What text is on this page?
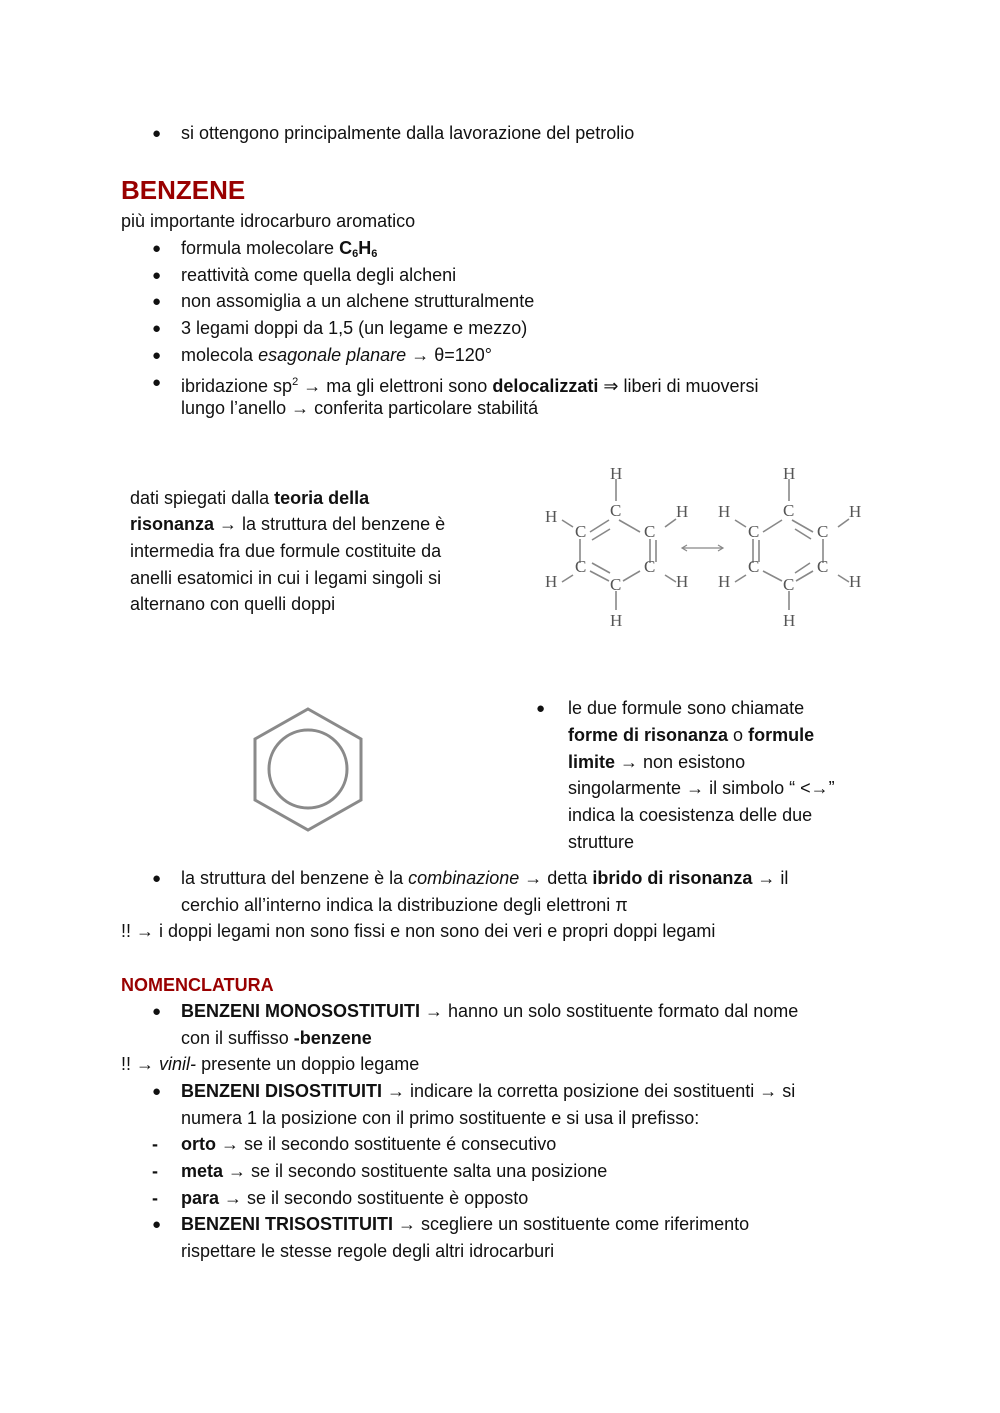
● si ottengono principalmente dalla lavorazione del petrolio
BENZENE
più importante idrocarburo aromatico
● formula molecolare $C_6H_6$
● reattività come quella degli alcheni
● non assomiglia a un alchene strutturalmente
● 3 legami doppi da 1,5 (un legame e mezzo)
● molecola esagonale planare → θ=120°
● ibridazione $sp^2$ → ma gli elettroni sono delocalizzati ⇒ liberi di muoversi
lungo l’anello → conferita particolare stabilitá
dati spiegati dalla teoria della
risonanza → la struttura del benzene è
intermedia fra due formule costituite da
anelli esatomici in cui i legami singoli si
alternano con quelli doppi
C
C
C
C
C
C
H
H
H
H
H
H
C
C
C
C
C
C
H
H
H
H
H
H
● le due formule sono chiamate
forme di risonanza o formule
limite → non esistono
singolarmente → il simbolo “ <→”
indica la coesistenza delle due
strutture
● la struttura del benzene è la combinazione → detta ibrido di risonanza → il
cerchio all’interno indica la distribuzione degli elettroni π
!! → i doppi legami non sono fissi e non sono dei veri e propri doppi legami
NOMENCLATURA
● BENZENI MONOSOSTITUITI → hanno un solo sostituente formato dal nome
con il suffisso -benzene
!! → vinil- presente un doppio legame
● BENZENI DISOSTITUITI → indicare la corretta posizione dei sostituenti → si
numera 1 la posizione con il primo sostituente e si usa il prefisso:
- orto → se il secondo sostituente é consecutivo
- meta → se il secondo sostituente salta una posizione
- para → se il secondo sostituente è opposto
● BENZENI TRISOSTITUITI → scegliere un sostituente come riferimento
rispettare le stesse regole degli altri idrocarburi
